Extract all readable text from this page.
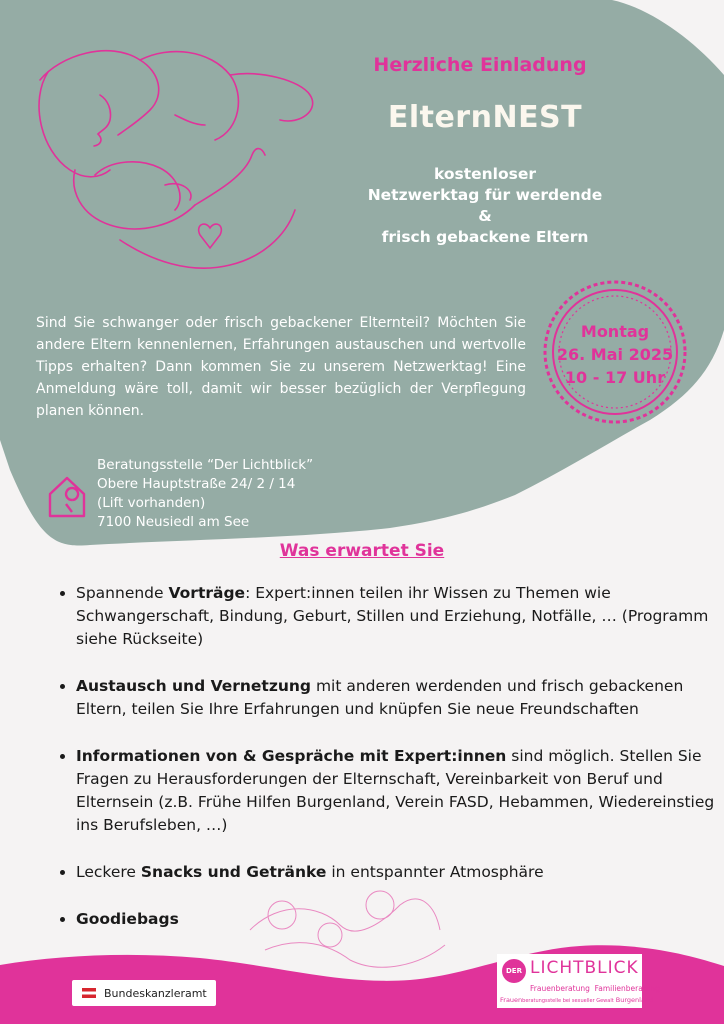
Herzliche Einladung
ElternNEST
kostenloser
Netzwerktag für werdende
&
frisch gebackene Eltern
Sind Sie schwanger oder frisch gebackener Elternteil? Möchten Sie andere Eltern kennenlernen, Erfahrungen austauschen und wertvolle Tipps erhalten? Dann kommen Sie zu unserem Netzwerktag! Eine Anmeldung wäre toll, damit wir besser bezüglich der Verpflegung planen können.
Montag
26. Mai 2025
10 - 17 Uhr
Beratungsstelle “Der Lichtblick”
Obere Hauptstraße 24/ 2 / 14
(Lift vorhanden)
7100 Neusiedl am See
Was erwartet Sie
• Spannende Vorträge: Expert:innen teilen ihr Wissen zu Themen wie Schwangerschaft, Bindung, Geburt, Stillen und Erziehung, Notfälle, … (Programm siehe Rückseite)
• Austausch und Vernetzung mit anderen werdenden und frisch gebackenen Eltern, teilen Sie Ihre Erfahrungen und knüpfen Sie neue Freundschaften
• Informationen von & Gespräche mit Expert:innen sind möglich. Stellen Sie Fragen zu Herausforderungen der Elternschaft, Vereinbarkeit von Beruf und Elternsein (z.B. Frühe Hilfen Burgenland, Verein FASD, Hebammen, Wiedereinstieg ins Berufsleben, …)
• Leckere Snacks und Getränke in entspannter Atmosphäre
• Goodiebags
Bundeskanzleramt
DER LICHTBLICK
Frauenberatung Familienberatung
Frauenberatungsstelle bei sexueller Gewalt Burgenland
